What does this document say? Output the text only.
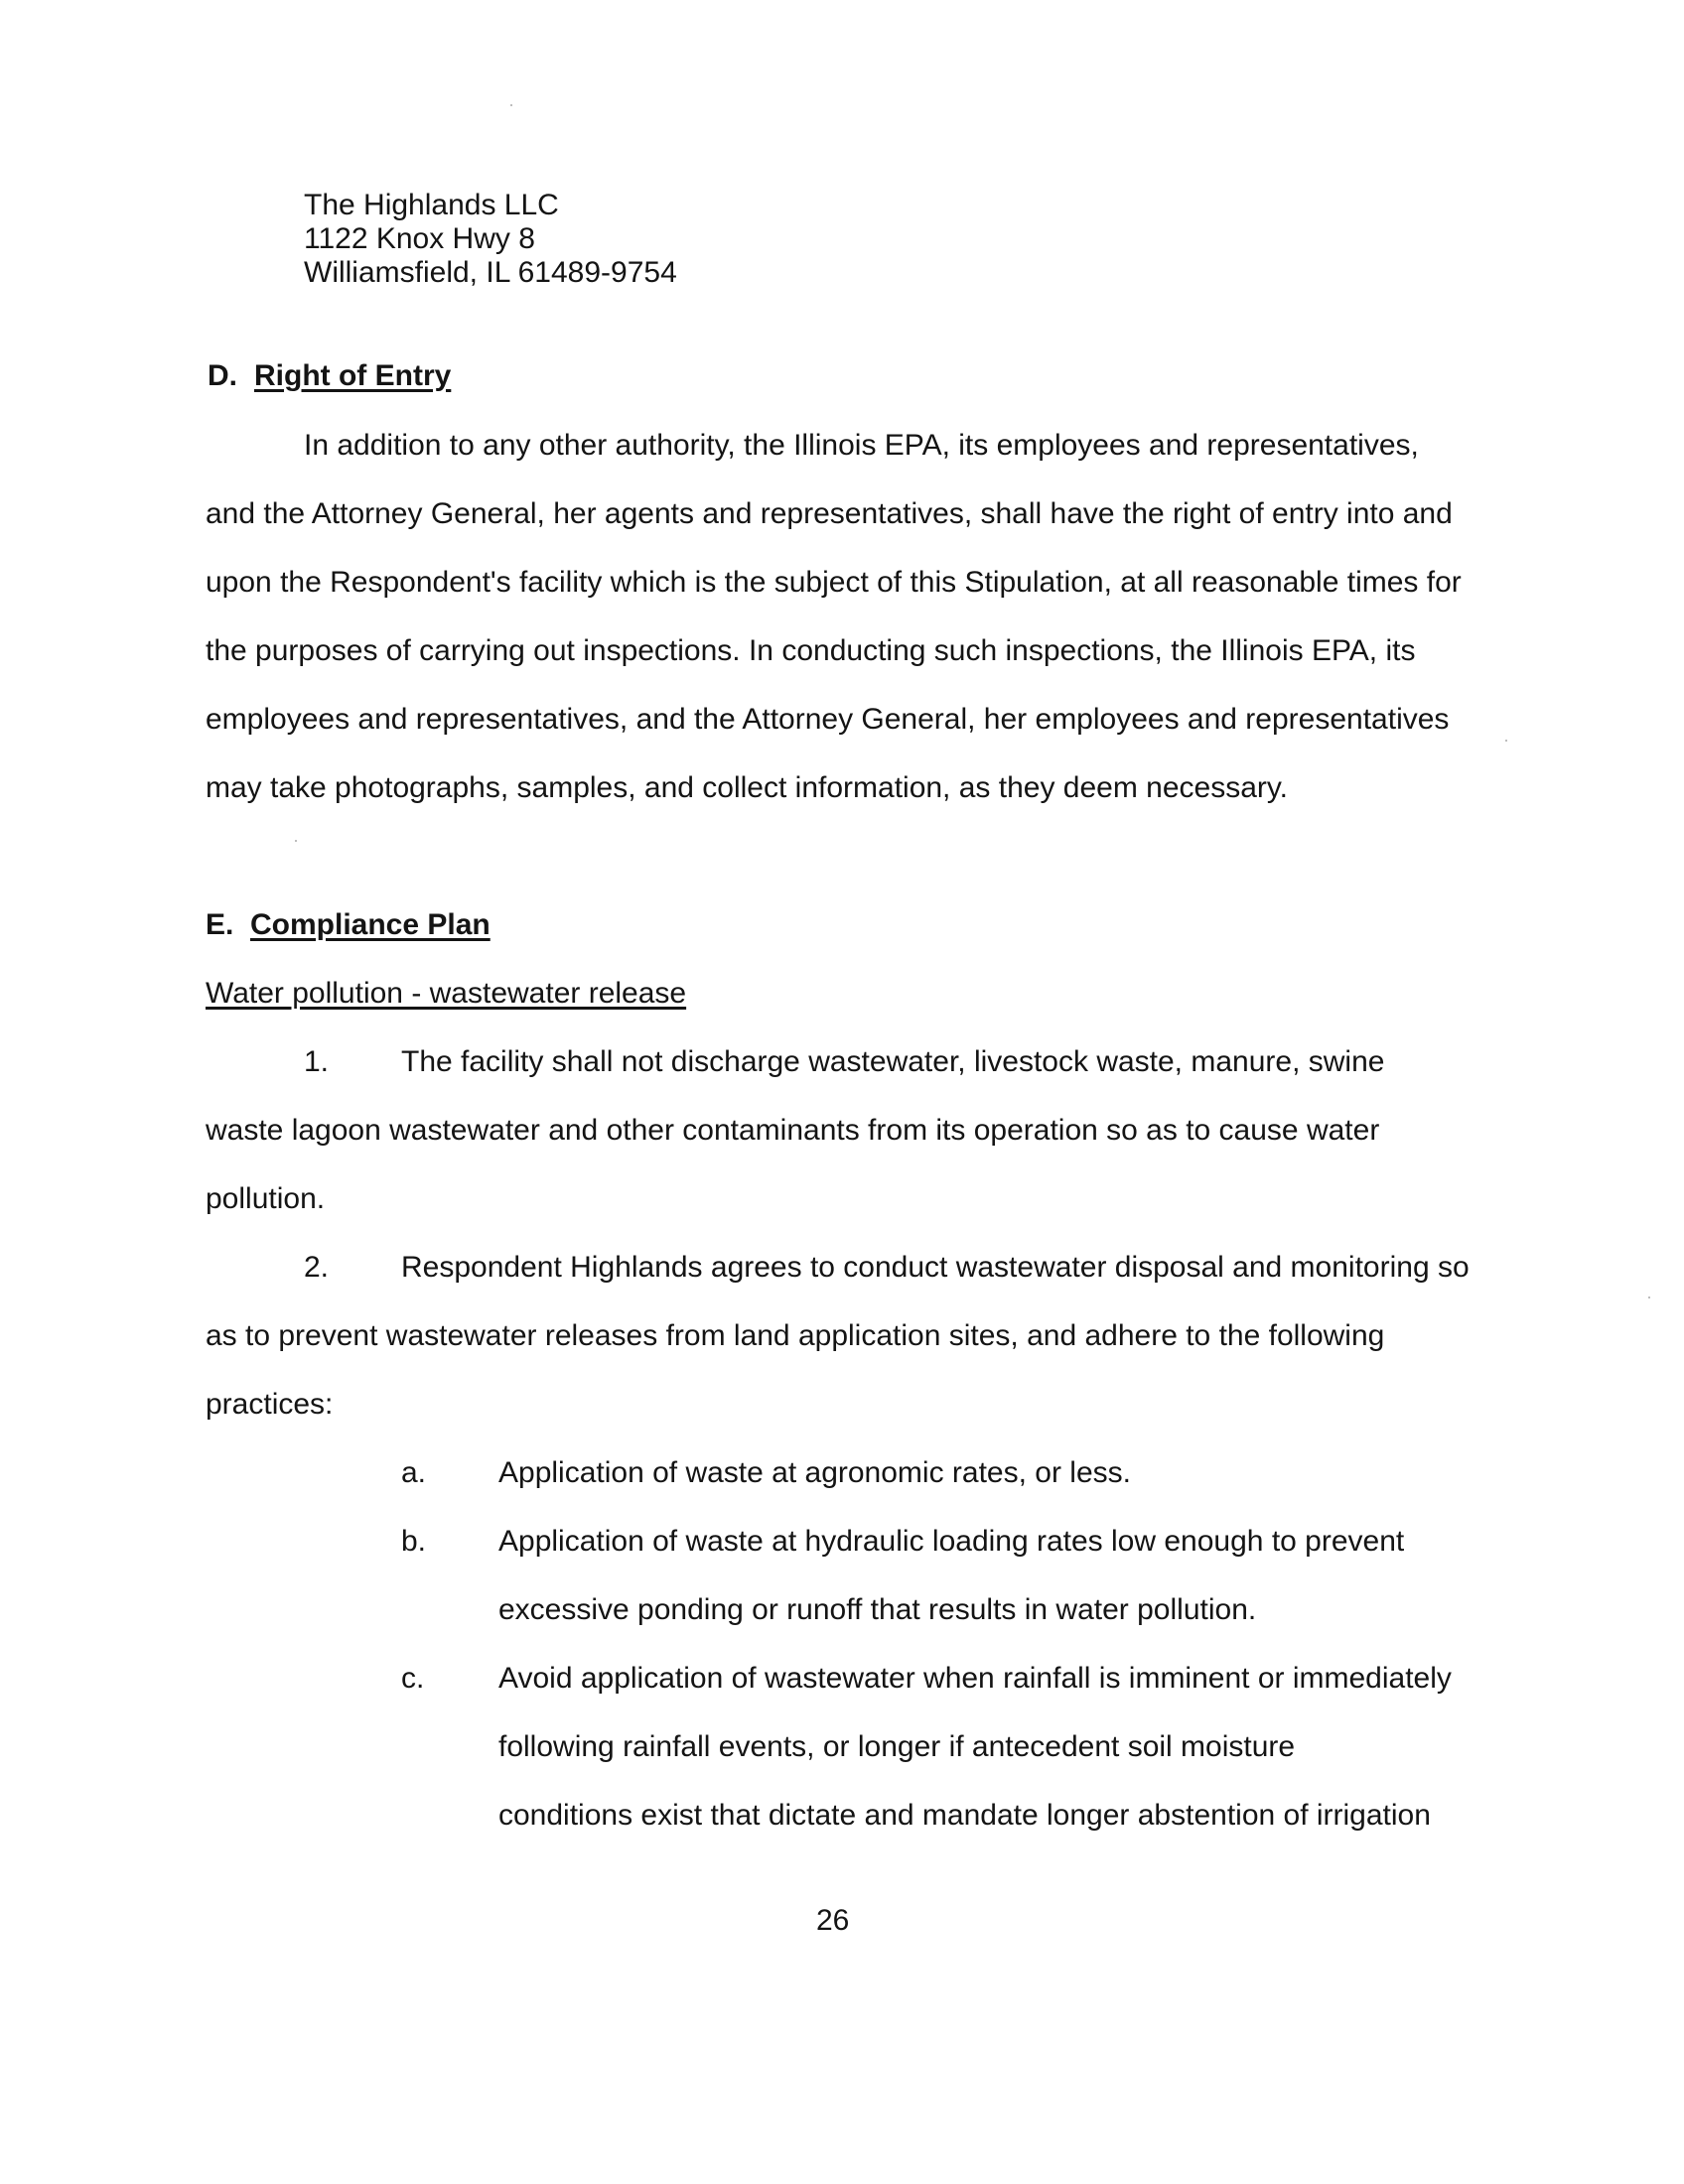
The Highlands LLC
1122 Knox Hwy 8
Williamsfield, IL 61489-9754
D. Right of Entry
In addition to any other authority, the Illinois EPA, its employees and representatives,
and the Attorney General, her agents and representatives, shall have the right of entry into and
upon the Respondent's facility which is the subject of this Stipulation, at all reasonable times for
the purposes of carrying out inspections. In conducting such inspections, the Illinois EPA, its
employees and representatives, and the Attorney General, her employees and representatives
may take photographs, samples, and collect information, as they deem necessary.
E. Compliance Plan
Water pollution - wastewater release
1. The facility shall not discharge wastewater, livestock waste, manure, swine
waste lagoon wastewater and other contaminants from its operation so as to cause water
pollution.
2. Respondent Highlands agrees to conduct wastewater disposal and monitoring so
as to prevent wastewater releases from land application sites, and adhere to the following
practices:
a. Application of waste at agronomic rates, or less.
b. Application of waste at hydraulic loading rates low enough to prevent
excessive ponding or runoff that results in water pollution.
c. Avoid application of wastewater when rainfall is imminent or immediately
following rainfall events, or longer if antecedent soil moisture
conditions exist that dictate and mandate longer abstention of irrigation
26
